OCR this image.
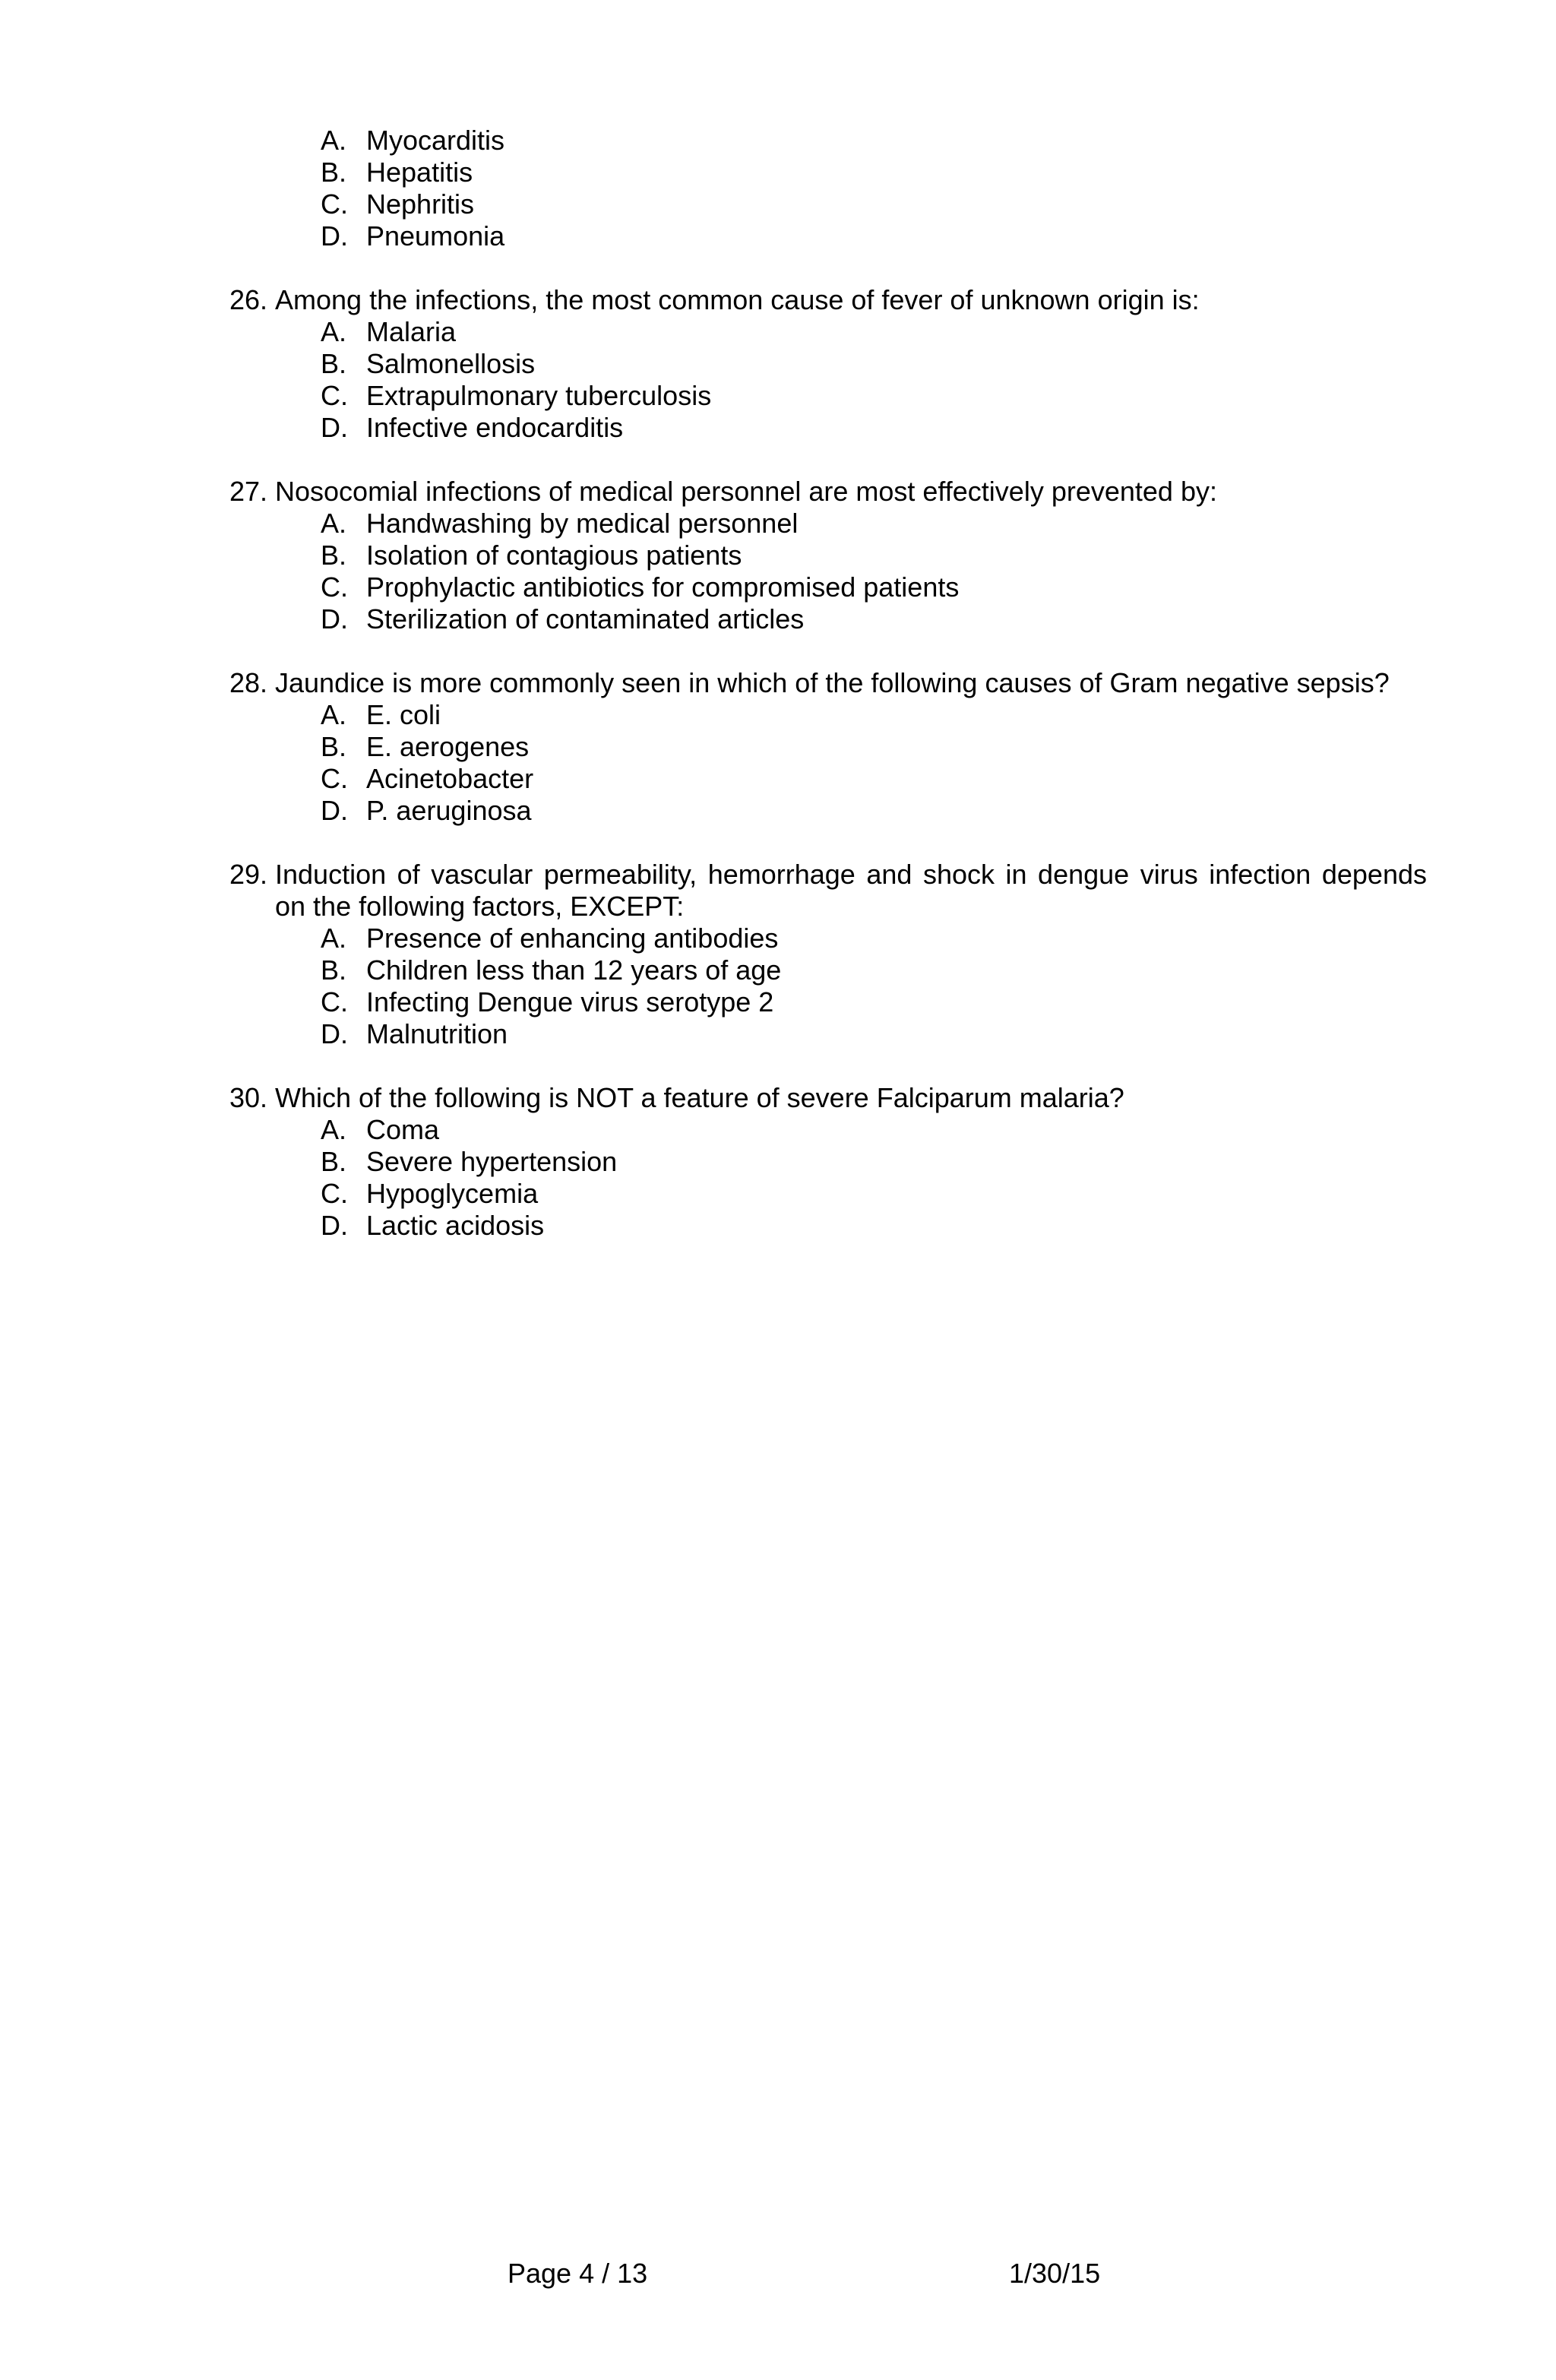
A. Myocarditis
B. Hepatitis
C. Nephritis
D. Pneumonia
26. Among the infections, the most common cause of fever of unknown origin is:
A. Malaria
B. Salmonellosis
C. Extrapulmonary tuberculosis
D. Infective endocarditis
27. Nosocomial infections of medical personnel are most effectively prevented by:
A. Handwashing by medical personnel
B. Isolation of contagious patients
C. Prophylactic antibiotics for compromised patients
D. Sterilization of contaminated articles
28. Jaundice is more commonly seen in which of the following causes of Gram negative sepsis?
A. E. coli
B. E. aerogenes
C. Acinetobacter
D. P. aeruginosa
29. Induction of vascular permeability, hemorrhage and shock in dengue virus infection depends on the following factors, EXCEPT:
A. Presence of enhancing antibodies
B. Children less than 12 years of age
C. Infecting Dengue virus serotype 2
D. Malnutrition
30. Which of the following is NOT a feature of severe Falciparum malaria?
A. Coma
B. Severe hypertension
C. Hypoglycemia
D. Lactic acidosis
Page 4 / 13	1/30/15
